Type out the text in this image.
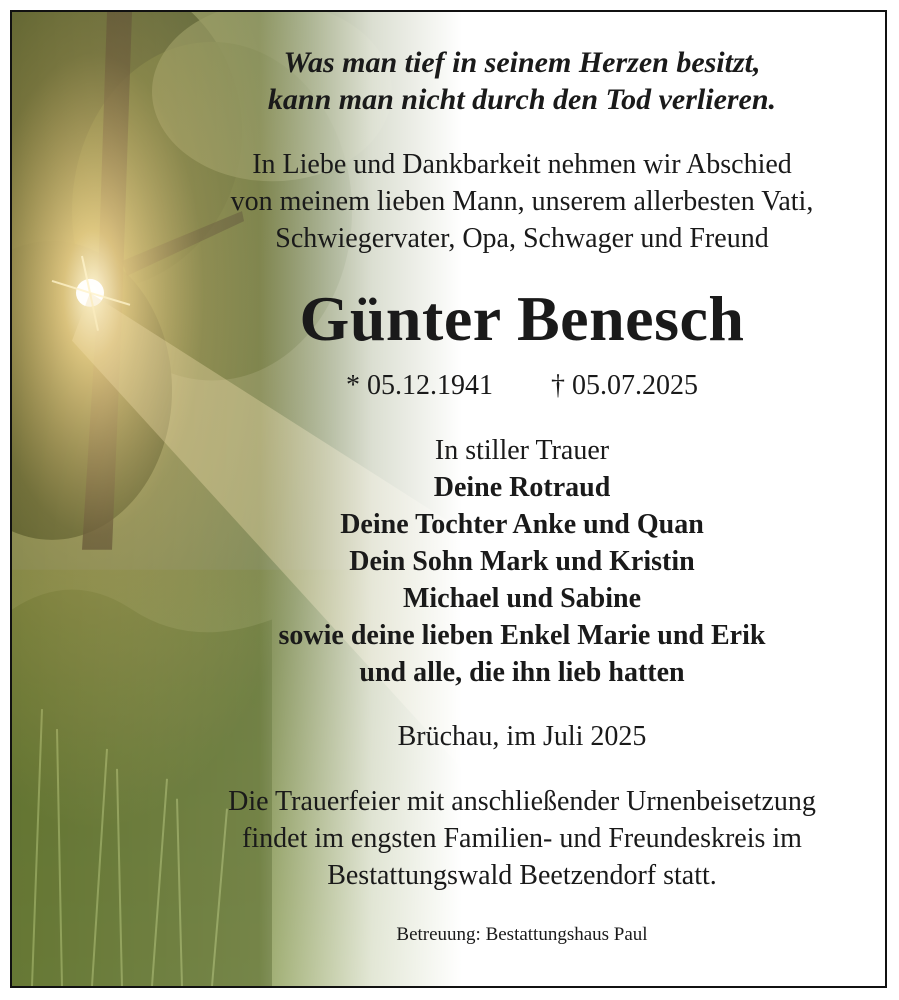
Was man tief in seinem Herzen besitzt,
kann man nicht durch den Tod verlieren.
In Liebe und Dankbarkeit nehmen wir Abschied
von meinem lieben Mann, unserem allerbesten Vati,
Schwiegervater, Opa, Schwager und Freund
Günter Benesch
* 05.12.1941 † 05.07.2025
In stiller Trauer
Deine Rotraud
Deine Tochter Anke und Quan
Dein Sohn Mark und Kristin
Michael und Sabine
sowie deine lieben Enkel Marie und Erik
und alle, die ihn lieb hatten
Brüchau, im Juli 2025
Die Trauerfeier mit anschließender Urnenbeisetzung
findet im engsten Familien- und Freundeskreis im
Bestattungswald Beetzendorf statt.
Betreuung: Bestattungshaus Paul
